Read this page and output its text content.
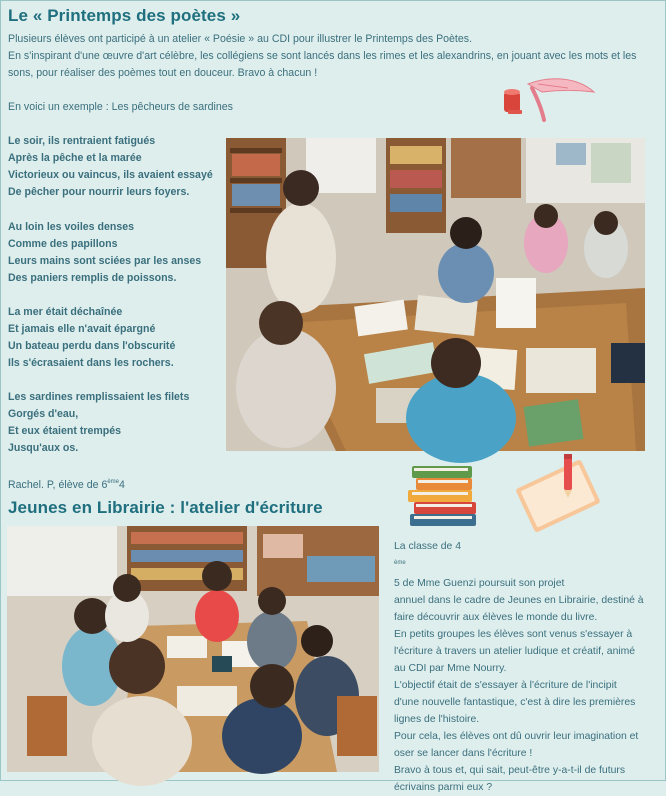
Le « Printemps des poètes »
Plusieurs élèves ont participé à un atelier « Poésie » au CDI pour illustrer le Printemps des Poètes.
En s'inspirant d'une œuvre d'art célèbre, les collégiens se sont lancés dans les rimes et les alexandrins, en jouant avec les mots et les
sons, pour réaliser des poèmes tout en douceur. Bravo à chacun !
En voici un exemple : Les pêcheurs de sardines
Le soir, ils rentraient fatigués
Après la pêche et la marée
Victorieux ou vaincus, ils avaient essayé
De pêcher pour nourrir leurs foyers.
Au loin les voiles denses
Comme des papillons
Leurs mains sont sciées par les anses
Des paniers remplis de poissons.
La mer était déchaînée
Et jamais elle n'avait épargné
Un bateau perdu dans l'obscurité
Ils s'écrasaient dans les rochers.
Les sardines remplissaient les filets
Gorgés d'eau,
Et eux étaient trempés
Jusqu'aux os.
Rachel. P, élève de 6ème4
Jeunes en Librairie : l'atelier d'écriture
La classe de 4
$^{ème}$
5 de Mme Guenzi poursuit son projet
annuel dans le cadre de Jeunes en Librairie, destiné à
faire découvrir aux élèves le monde du livre.
En petits groupes les élèves sont venus s'essayer à
l'écriture à travers un atelier ludique et créatif, animé
au CDI par Mme Nourry.
L'objectif était de s'essayer à l'écriture de l'incipit
d'une nouvelle fantastique, c'est à dire les premières
lignes de l'histoire.
Pour cela, les élèves ont dû ouvrir leur imagination et
oser se lancer dans l'écriture !
Bravo à tous et, qui sait, peut-être y-a-t-il de futurs
écrivains parmi eux ?
